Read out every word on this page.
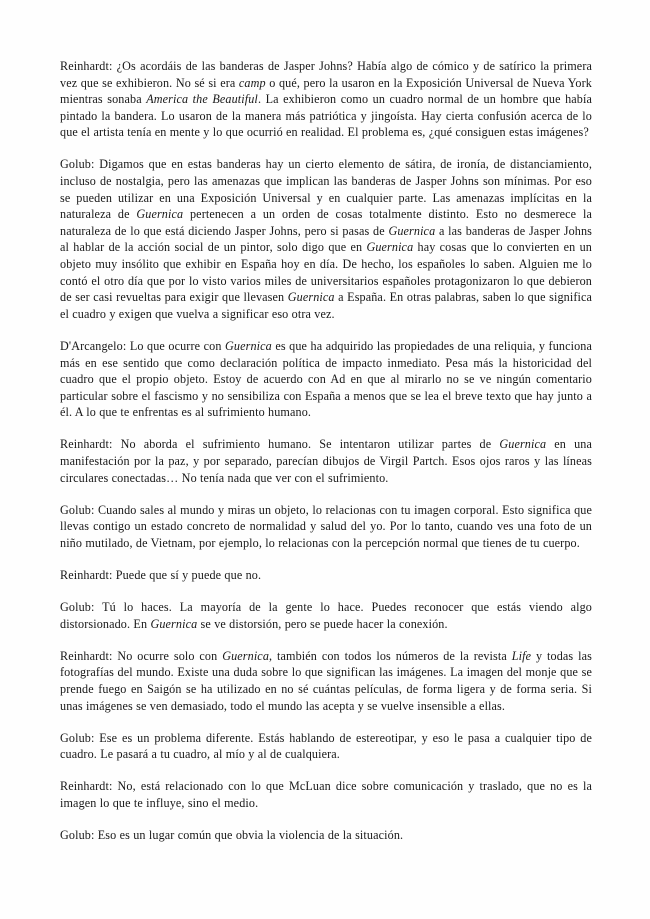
Reinhardt: ¿Os acordáis de las banderas de Jasper Johns? Había algo de cómico y de satírico la primera vez que se exhibieron. No sé si era camp o qué, pero la usaron en la Exposición Universal de Nueva York mientras sonaba America the Beautiful. La exhibieron como un cuadro normal de un hombre que había pintado la bandera. Lo usaron de la manera más patriótica y jingoísta. Hay cierta confusión acerca de lo que el artista tenía en mente y lo que ocurrió en realidad. El problema es, ¿qué consiguen estas imágenes?

Golub: Digamos que en estas banderas hay un cierto elemento de sátira, de ironía, de distanciamiento, incluso de nostalgia, pero las amenazas que implican las banderas de Jasper Johns son mínimas. Por eso se pueden utilizar en una Exposición Universal y en cualquier parte. Las amenazas implícitas en la naturaleza de Guernica pertenecen a un orden de cosas totalmente distinto. Esto no desmerece la naturaleza de lo que está diciendo Jasper Johns, pero si pasas de Guernica a las banderas de Jasper Johns al hablar de la acción social de un pintor, solo digo que en Guernica hay cosas que lo convierten en un objeto muy insólito que exhibir en España hoy en día. De hecho, los españoles lo saben. Alguien me lo contó el otro día que por lo visto varios miles de universitarios españoles protagonizaron lo que debieron de ser casi revueltas para exigir que llevasen Guernica a España. En otras palabras, saben lo que significa el cuadro y exigen que vuelva a significar eso otra vez.

D'Arcangelo: Lo que ocurre con Guernica es que ha adquirido las propiedades de una reliquia, y funciona más en ese sentido que como declaración política de impacto inmediato. Pesa más la historicidad del cuadro que el propio objeto. Estoy de acuerdo con Ad en que al mirarlo no se ve ningún comentario particular sobre el fascismo y no sensibiliza con España a menos que se lea el breve texto que hay junto a él. A lo que te enfrentas es al sufrimiento humano.

Reinhardt: No aborda el sufrimiento humano. Se intentaron utilizar partes de Guernica en una manifestación por la paz, y por separado, parecían dibujos de Virgil Partch. Esos ojos raros y las líneas circulares conectadas… No tenía nada que ver con el sufrimiento.

Golub: Cuando sales al mundo y miras un objeto, lo relacionas con tu imagen corporal. Esto significa que llevas contigo un estado concreto de normalidad y salud del yo. Por lo tanto, cuando ves una foto de un niño mutilado, de Vietnam, por ejemplo, lo relacionas con la percepción normal que tienes de tu cuerpo.

Reinhardt: Puede que sí y puede que no.

Golub: Tú lo haces. La mayoría de la gente lo hace. Puedes reconocer que estás viendo algo distorsionado. En Guernica se ve distorsión, pero se puede hacer la conexión.

Reinhardt: No ocurre solo con Guernica, también con todos los números de la revista Life y todas las fotografías del mundo. Existe una duda sobre lo que significan las imágenes. La imagen del monje que se prende fuego en Saigón se ha utilizado en no sé cuántas películas, de forma ligera y de forma seria. Si unas imágenes se ven demasiado, todo el mundo las acepta y se vuelve insensible a ellas.

Golub: Ese es un problema diferente. Estás hablando de estereotipar, y eso le pasa a cualquier tipo de cuadro. Le pasará a tu cuadro, al mío y al de cualquiera.

Reinhardt: No, está relacionado con lo que McLuan dice sobre comunicación y traslado, que no es la imagen lo que te influye, sino el medio.

Golub: Eso es un lugar común que obvia la violencia de la situación.
